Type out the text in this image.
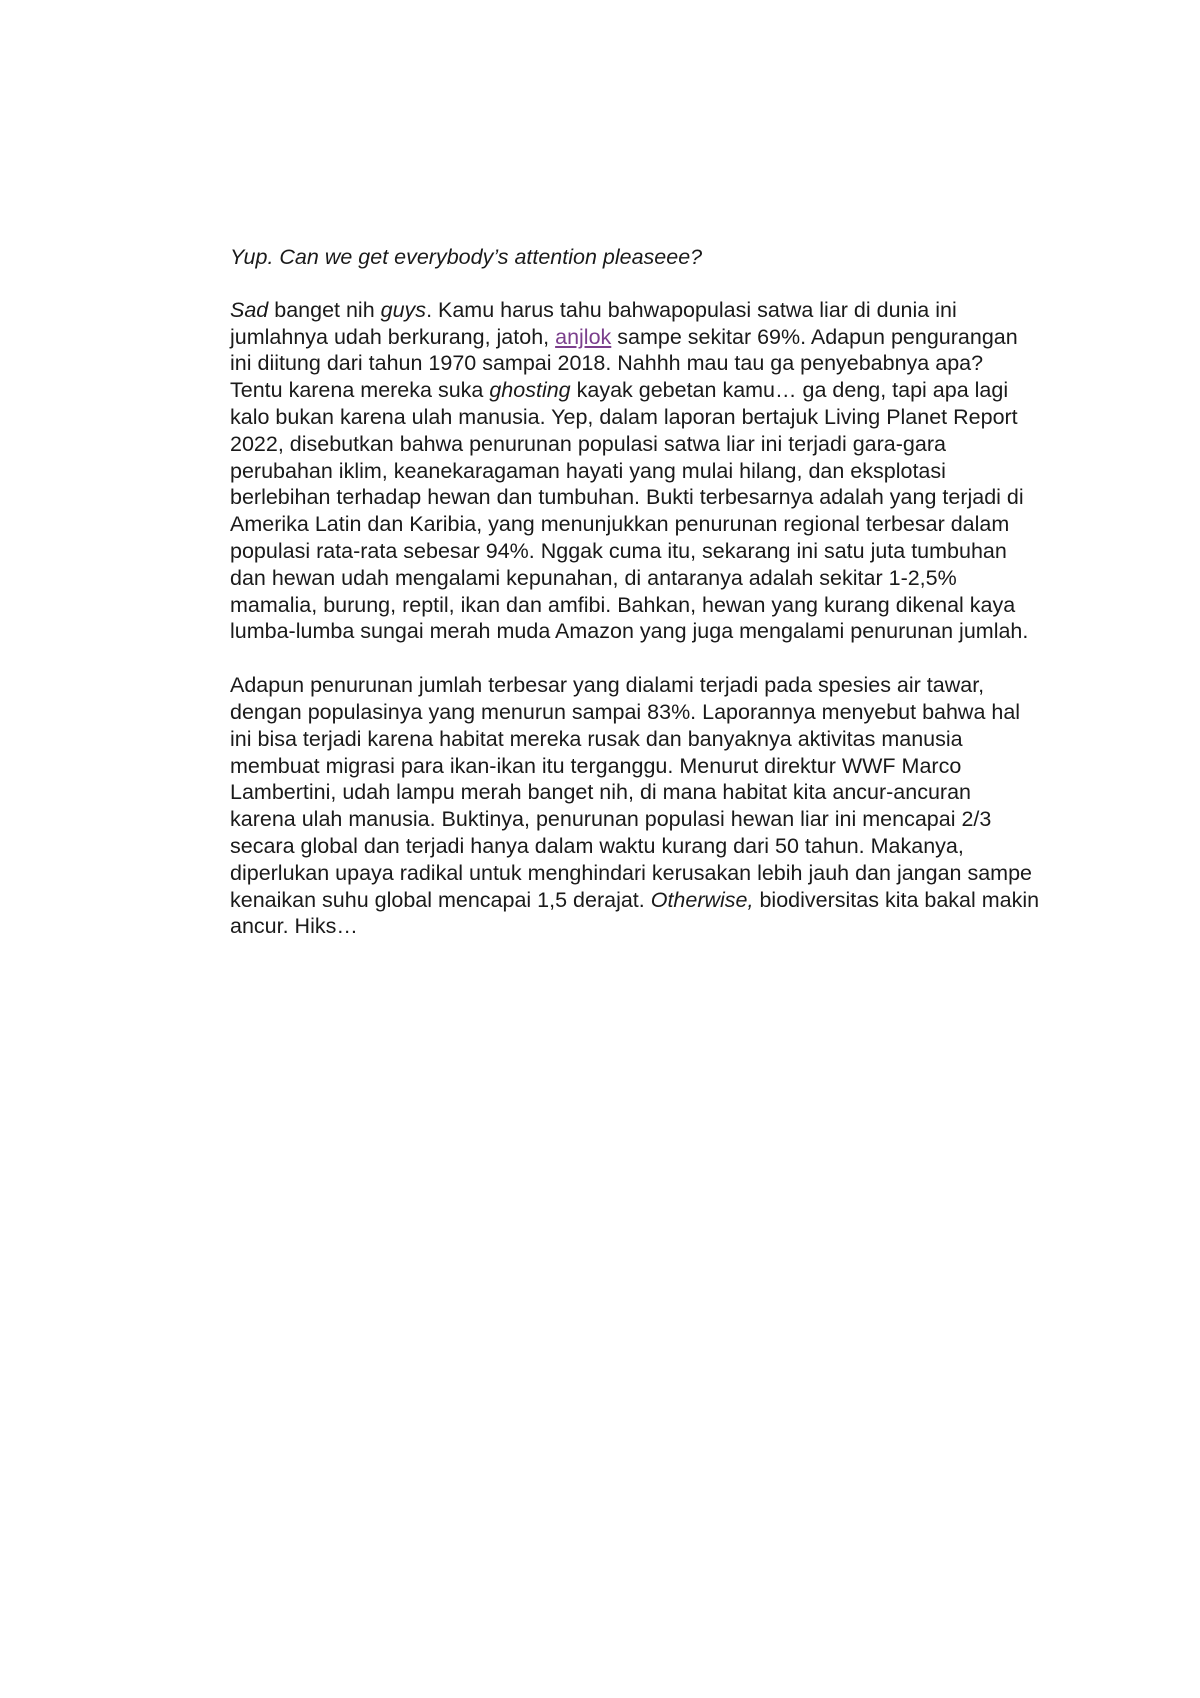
Yup. Can we get everybody’s attention pleaseee?

Sad banget nih guys. Kamu harus tahu bahwapopulasi satwa liar di dunia ini jumlahnya udah berkurang, jatoh, anjlok sampe sekitar 69%. Adapun pengurangan ini diitung dari tahun 1970 sampai 2018. Nahhh mau tau ga penyebabnya apa? Tentu karena mereka suka ghosting kayak gebetan kamu… ga deng, tapi apa lagi kalo bukan karena ulah manusia. Yep, dalam laporan bertajuk Living Planet Report 2022, disebutkan bahwa penurunan populasi satwa liar ini terjadi gara-gara perubahan iklim, keanekaragaman hayati yang mulai hilang, dan eksplotasi berlebihan terhadap hewan dan tumbuhan. Bukti terbesarnya adalah yang terjadi di Amerika Latin dan Karibia, yang menunjukkan penurunan regional terbesar dalam populasi rata-rata sebesar 94%. Nggak cuma itu, sekarang ini satu juta tumbuhan dan hewan udah mengalami kepunahan, di antaranya adalah sekitar 1-2,5% mamalia, burung, reptil, ikan dan amfibi. Bahkan, hewan yang kurang dikenal kaya lumba-lumba sungai merah muda Amazon yang juga mengalami penurunan jumlah.

Adapun penurunan jumlah terbesar yang dialami terjadi pada spesies air tawar, dengan populasinya yang menurun sampai 83%. Laporannya menyebut bahwa hal ini bisa terjadi karena habitat mereka rusak dan banyaknya aktivitas manusia membuat migrasi para ikan-ikan itu terganggu. Menurut direktur WWF Marco Lambertini, udah lampu merah banget nih, di mana habitat kita ancur-ancuran karena ulah manusia. Buktinya, penurunan populasi hewan liar ini mencapai 2/3 secara global dan terjadi hanya dalam waktu kurang dari 50 tahun. Makanya, diperlukan upaya radikal untuk menghindari kerusakan lebih jauh dan jangan sampe kenaikan suhu global mencapai 1,5 derajat. Otherwise, biodiversitas kita bakal makin ancur. Hiks…
